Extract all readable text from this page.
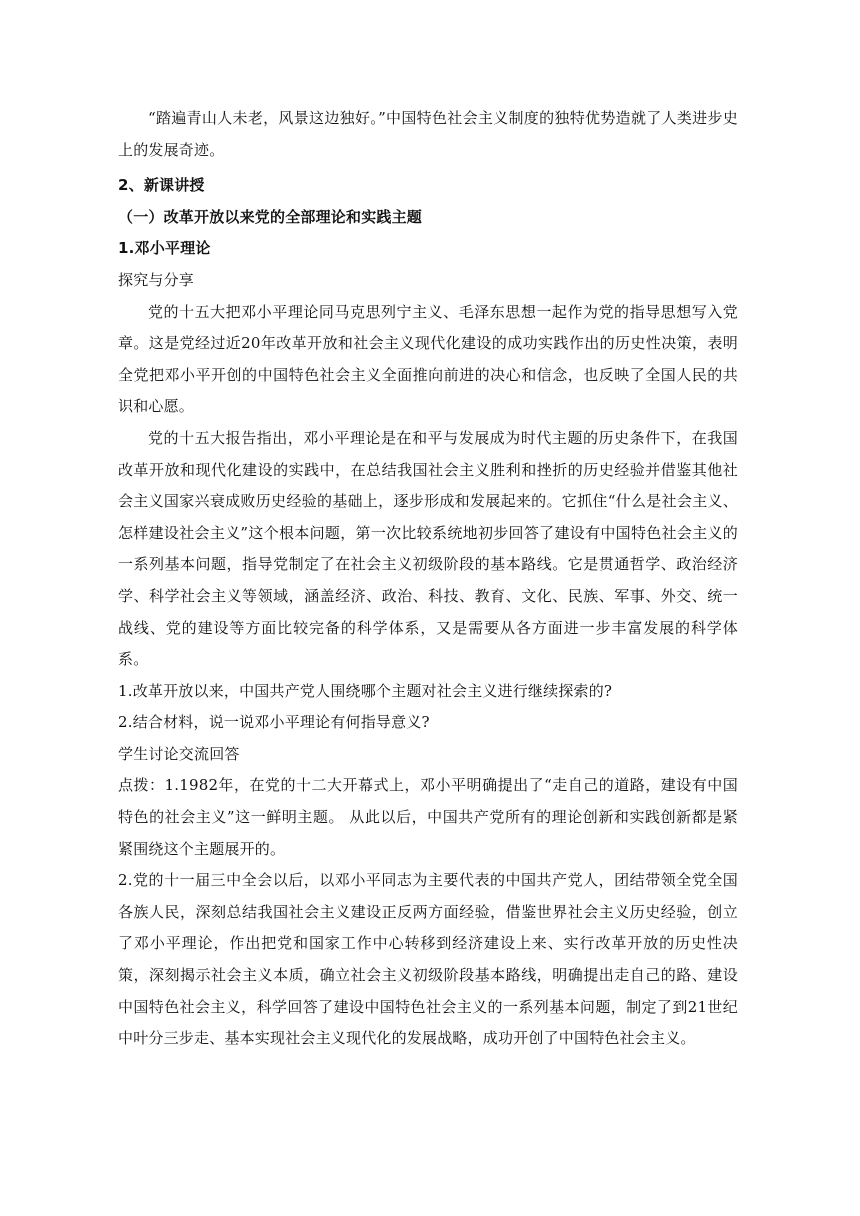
“踏遍青山人未老，风景这边独好。”中国特色社会主义制度的独特优势造就了人类进步史上的发展奇迹。

2、新课讲授

（一）改革开放以来党的全部理论和实践主题

1.邓小平理论

探究与分享

党的十五大把邓小平理论同马克思列宁主义、毛泽东思想一起作为党的指导思想写入党章。这是党经过近20年改革开放和社会主义现代化建设的成功实践作出的历史性决策，表明全党把邓小平开创的中国特色社会主义全面推向前进的决心和信念，也反映了全国人民的共识和心愿。

党的十五大报告指出，邓小平理论是在和平与发展成为时代主题的历史条件下，在我国改革开放和现代化建设的实践中，在总结我国社会主义胜利和挫折的历史经验并借鉴其他社会主义国家兴衰成败历史经验的基础上，逐步形成和发展起来的。它抓住“什么是社会主义、怎样建设社会主义”这个根本问题，第一次比较系统地初步回答了建设有中国特色社会主义的一系列基本问题，指导党制定了在社会主义初级阶段的基本路线。它是贯通哲学、政治经济学、科学社会主义等领域，涵盖经济、政治、科技、教育、文化、民族、军事、外交、统一战线、党的建设等方面比较完备的科学体系，又是需要从各方面进一步丰富发展的科学体系。

1.改革开放以来，中国共产党人围绕哪个主题对社会主义进行继续探索的?

2.结合材料，说一说邓小平理论有何指导意义?

学生讨论交流回答

点拨：1.1982年，在党的十二大开幕式上，邓小平明确提出了“走自己的道路，建设有中国特色的社会主义”这一鲜明主题。 从此以后，中国共产党所有的理论创新和实践创新都是紧紧围绕这个主题展开的。

2.党的十一届三中全会以后，以邓小平同志为主要代表的中国共产党人，团结带领全党全国各族人民，深刻总结我国社会主义建设正反两方面经验，借鉴世界社会主义历史经验，创立了邓小平理论，作出把党和国家工作中心转移到经济建设上来、实行改革开放的历史性决策，深刻揭示社会主义本质，确立社会主义初级阶段基本路线，明确提出走自己的路、建设中国特色社会主义，科学回答了建设中国特色社会主义的一系列基本问题，制定了到21世纪中叶分三步走、基本实现社会主义现代化的发展战略，成功开创了中国特色社会主义。
